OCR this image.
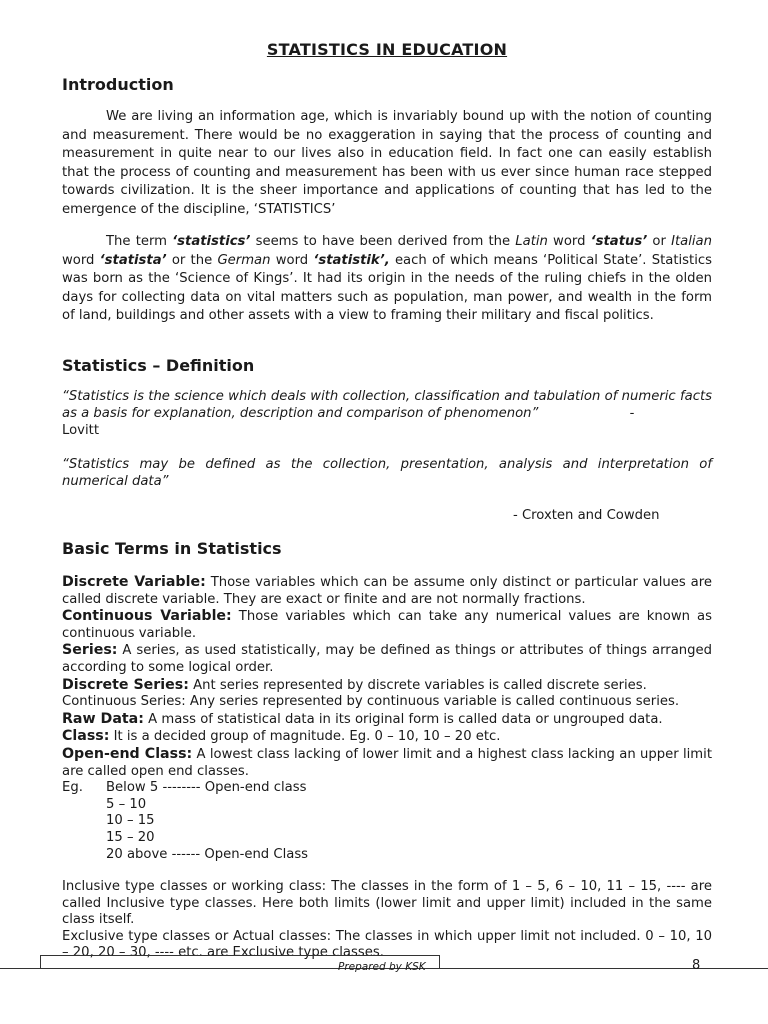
STATISTICS IN EDUCATION
Introduction
We are living an information age, which is invariably bound up with the notion of counting and measurement. There would be no exaggeration in saying that the process of counting and measurement in quite near to our lives also in education field. In fact one can easily establish that the process of counting and measurement has been with us ever since human race stepped towards civilization. It is the sheer importance and applications of counting that has led to the emergence of the discipline, ‘STATISTICS’
The term ‘statistics’ seems to have been derived from the Latin word ‘status’ or Italian word ‘statista’ or the German word ‘statistik’, each of which means ‘Political State’. Statistics was born as the ‘Science of Kings’. It had its origin in the needs of the ruling chiefs in the olden days for collecting data on vital matters such as population, man power, and wealth in the form of land, buildings and other assets with a view to framing their military and fiscal politics.
Statistics – Definition
“Statistics is the science which deals with collection, classification and tabulation of numeric facts as a basis for explanation, description and comparison of phenomenon”	-
Lovitt
“Statistics may be defined as the collection, presentation, analysis and interpretation of numerical data”
- Croxten and Cowden
Basic Terms in Statistics
Discrete Variable: Those variables which can be assume only distinct or particular values are called discrete variable. They are exact or finite and are not normally fractions.
Continuous Variable: Those variables which can take any numerical values are known as continuous variable.
Series: A series, as used statistically, may be defined as things or attributes of things arranged according to some logical order.
Discrete Series: Ant series represented by discrete variables is called discrete series.
Continuous Series: Any series represented by continuous variable is called continuous series.
Raw Data: A mass of statistical data in its original form is called data or ungrouped data.
Class: It is a decided group of magnitude. Eg. 0 – 10, 10 – 20 etc.
Open-end Class: A lowest class lacking of lower limit and a highest class lacking an upper limit are called open end classes.
Eg.	Below 5 -------- Open-end class
5 – 10
10 – 15
15 – 20
20 above ------ Open-end Class
Inclusive type classes or working class: The classes in the form of 1 – 5, 6 – 10, 11 – 15, ---- are called Inclusive type classes. Here both limits (lower limit and upper limit) included in the same class itself.
Exclusive type classes or Actual classes: The classes in which upper limit not included. 0 – 10, 10 – 20, 20 – 30, ---- etc. are Exclusive type classes.
Prepared by KSK	8
